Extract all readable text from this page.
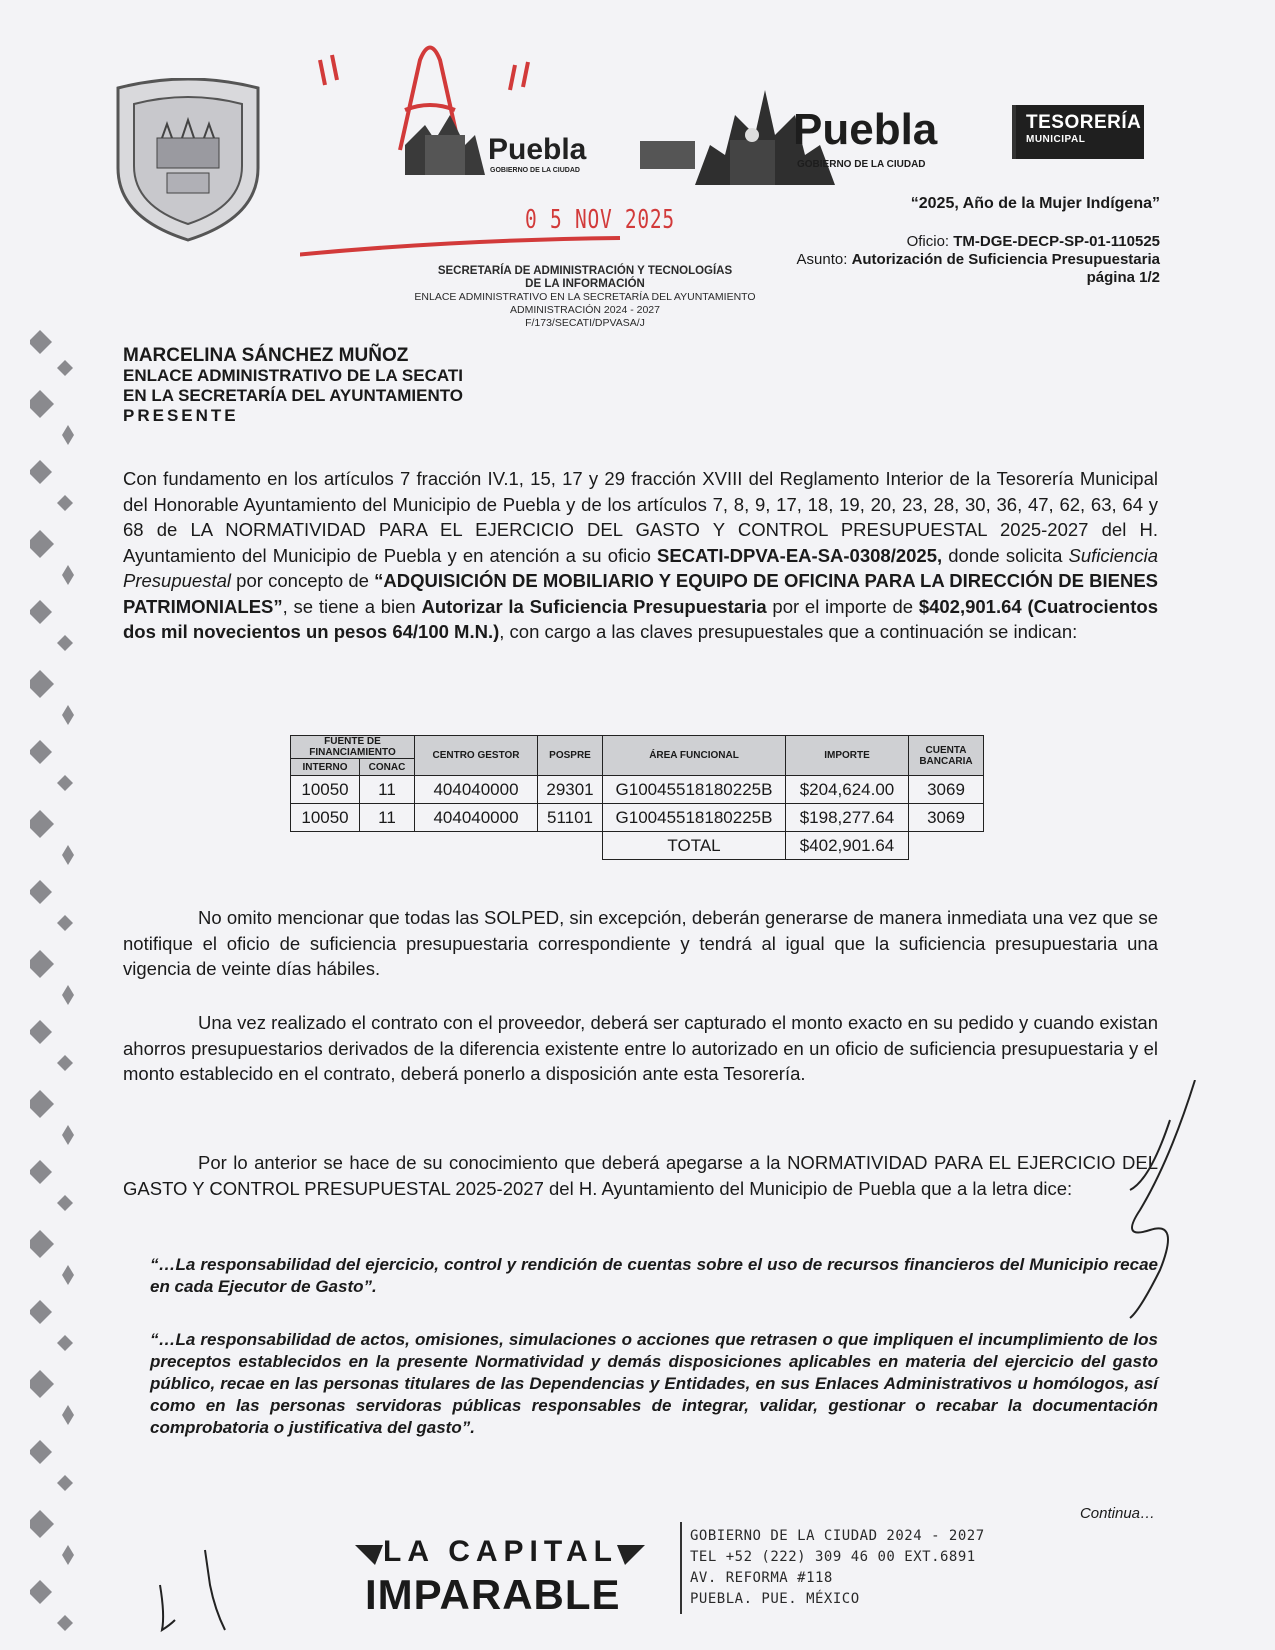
Puebla
GOBIERNO DE LA CIUDAD
Puebla
GOBIERNO DE LA CIUDAD
TESORERÍA
MUNICIPAL
“2025, Año de la Mujer Indígena”
Oficio: TM-DGE-DECP-SP-01-110525
Asunto: Autorización de Suficiencia Presupuestaria
página 1/2
0 5 NOV 2025
SECRETARÍA DE ADMINISTRACIÓN Y TECNOLOGÍAS
DE LA INFORMACIÓN
ENLACE ADMINISTRATIVO EN LA SECRETARÍA DEL AYUNTAMIENTO
ADMINISTRACIÓN 2024 - 2027
F/173/SECATI/DPVASA/J
MARCELINA SÁNCHEZ MUÑOZ
ENLACE ADMINISTRATIVO DE LA SECATI
EN LA SECRETARÍA DEL AYUNTAMIENTO
PRESENTE
Con fundamento en los artículos 7 fracción IV.1, 15, 17 y 29 fracción XVIII del Reglamento Interior de la Tesorería Municipal del Honorable Ayuntamiento del Municipio de Puebla y de los artículos 7, 8, 9, 17, 18, 19, 20, 23, 28, 30, 36, 47, 62, 63, 64 y 68 de LA NORMATIVIDAD PARA EL EJERCICIO DEL GASTO Y CONTROL PRESUPUESTAL 2025-2027 del H. Ayuntamiento del Municipio de Puebla y en atención a su oficio SECATI-DPVA-EA-SA-0308/2025, donde solicita Suficiencia Presupuestal por concepto de “ADQUISICIÓN DE MOBILIARIO Y EQUIPO DE OFICINA PARA LA DIRECCIÓN DE BIENES PATRIMONIALES”, se tiene a bien Autorizar la Suficiencia Presupuestaria por el importe de $402,901.64 (Cuatrocientos dos mil novecientos un pesos 64/100 M.N.), con cargo a las claves presupuestales que a continuación se indican:
FUENTE DE FINANCIAMIENTO		CENTRO GESTOR	POSPRE	ÁREA FUNCIONAL	IMPORTE	CUENTA BANCARIA
INTERNO	CONAC					
10050	11	404040000	29301	G10045518180225B	$204,624.00	3069
10050	11	404040000	51101	G10045518180225B	$198,277.64	3069
				TOTAL	$402,901.64	
No omito mencionar que todas las SOLPED, sin excepción, deberán generarse de manera inmediata una vez que se notifique el oficio de suficiencia presupuestaria correspondiente y tendrá al igual que la suficiencia presupuestaria una vigencia de veinte días hábiles.
Una vez realizado el contrato con el proveedor, deberá ser capturado el monto exacto en su pedido y cuando existan ahorros presupuestarios derivados de la diferencia existente entre lo autorizado en un oficio de suficiencia presupuestaria y el monto establecido en el contrato, deberá ponerlo a disposición ante esta Tesorería.
Por lo anterior se hace de su conocimiento que deberá apegarse a la NORMATIVIDAD PARA EL EJERCICIO DEL GASTO Y CONTROL PRESUPUESTAL 2025-2027 del H. Ayuntamiento del Municipio de Puebla que a la letra dice:
“…La responsabilidad del ejercicio, control y rendición de cuentas sobre el uso de recursos financieros del Municipio recae en cada Ejecutor de Gasto”.
“…La responsabilidad de actos, omisiones, simulaciones o acciones que retrasen o que impliquen el incumplimiento de los preceptos establecidos en la presente Normatividad y demás disposiciones aplicables en materia del ejercicio del gasto público, recae en las personas titulares de las Dependencias y Entidades, en sus Enlaces Administrativos u homólogos, así como en las personas servidoras públicas responsables de integrar, validar, gestionar o recabar la documentación comprobatoria o justificativa del gasto”.
Continua…
LA CAPITAL
IMPARABLE
GOBIERNO DE LA CIUDAD 2024 - 2027
TEL +52 (222) 309 46 00 EXT.6891
AV. REFORMA #118
PUEBLA. PUE. MÉXICO
